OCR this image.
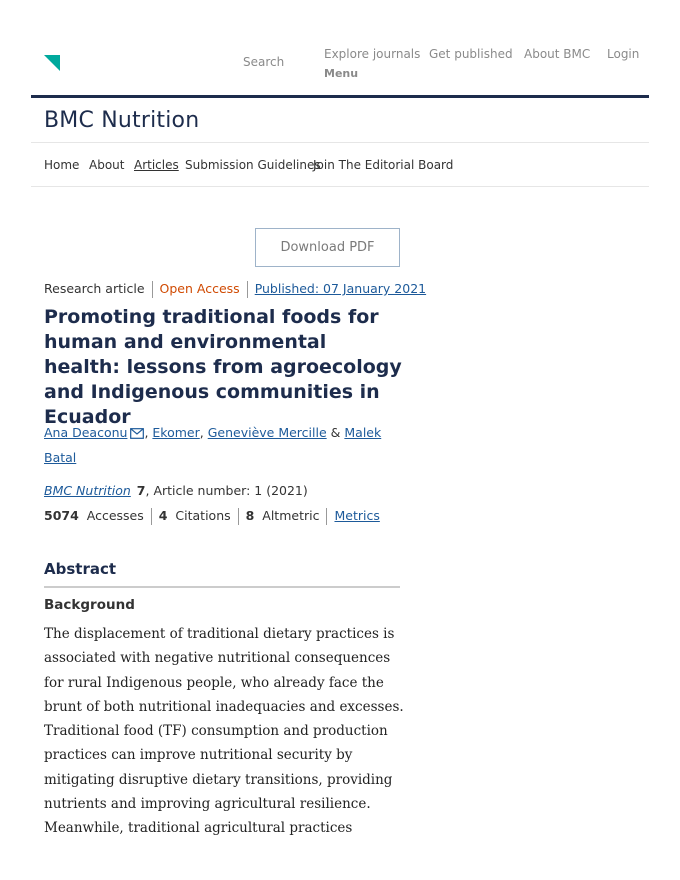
Search
Explore journals Get published About BMC Login
Menu
BMC Nutrition
Home About Articles Submission Guidelines
Join The Editorial Board
Download PDF
Research article Open Access Published: 07 January 2021
Promoting traditional foods for human and environmental health: lessons from agroecology and Indigenous communities in Ecuador
Ana Deaconu , Ekomer, Geneviève Mercille & Malek Batal
BMC Nutrition 7, Article number: 1 (2021)
5074 Accesses 4 Citations 8 Altmetric Metrics
Abstract
Background

The displacement of traditional dietary practices is associated with negative nutritional consequences for rural Indigenous people, who already face the brunt of both nutritional inadequacies and excesses. Traditional food (TF) consumption and production practices can improve nutritional security by mitigating disruptive dietary transitions, providing nutrients and improving agricultural resilience. Meanwhile, traditional agricultural practices
